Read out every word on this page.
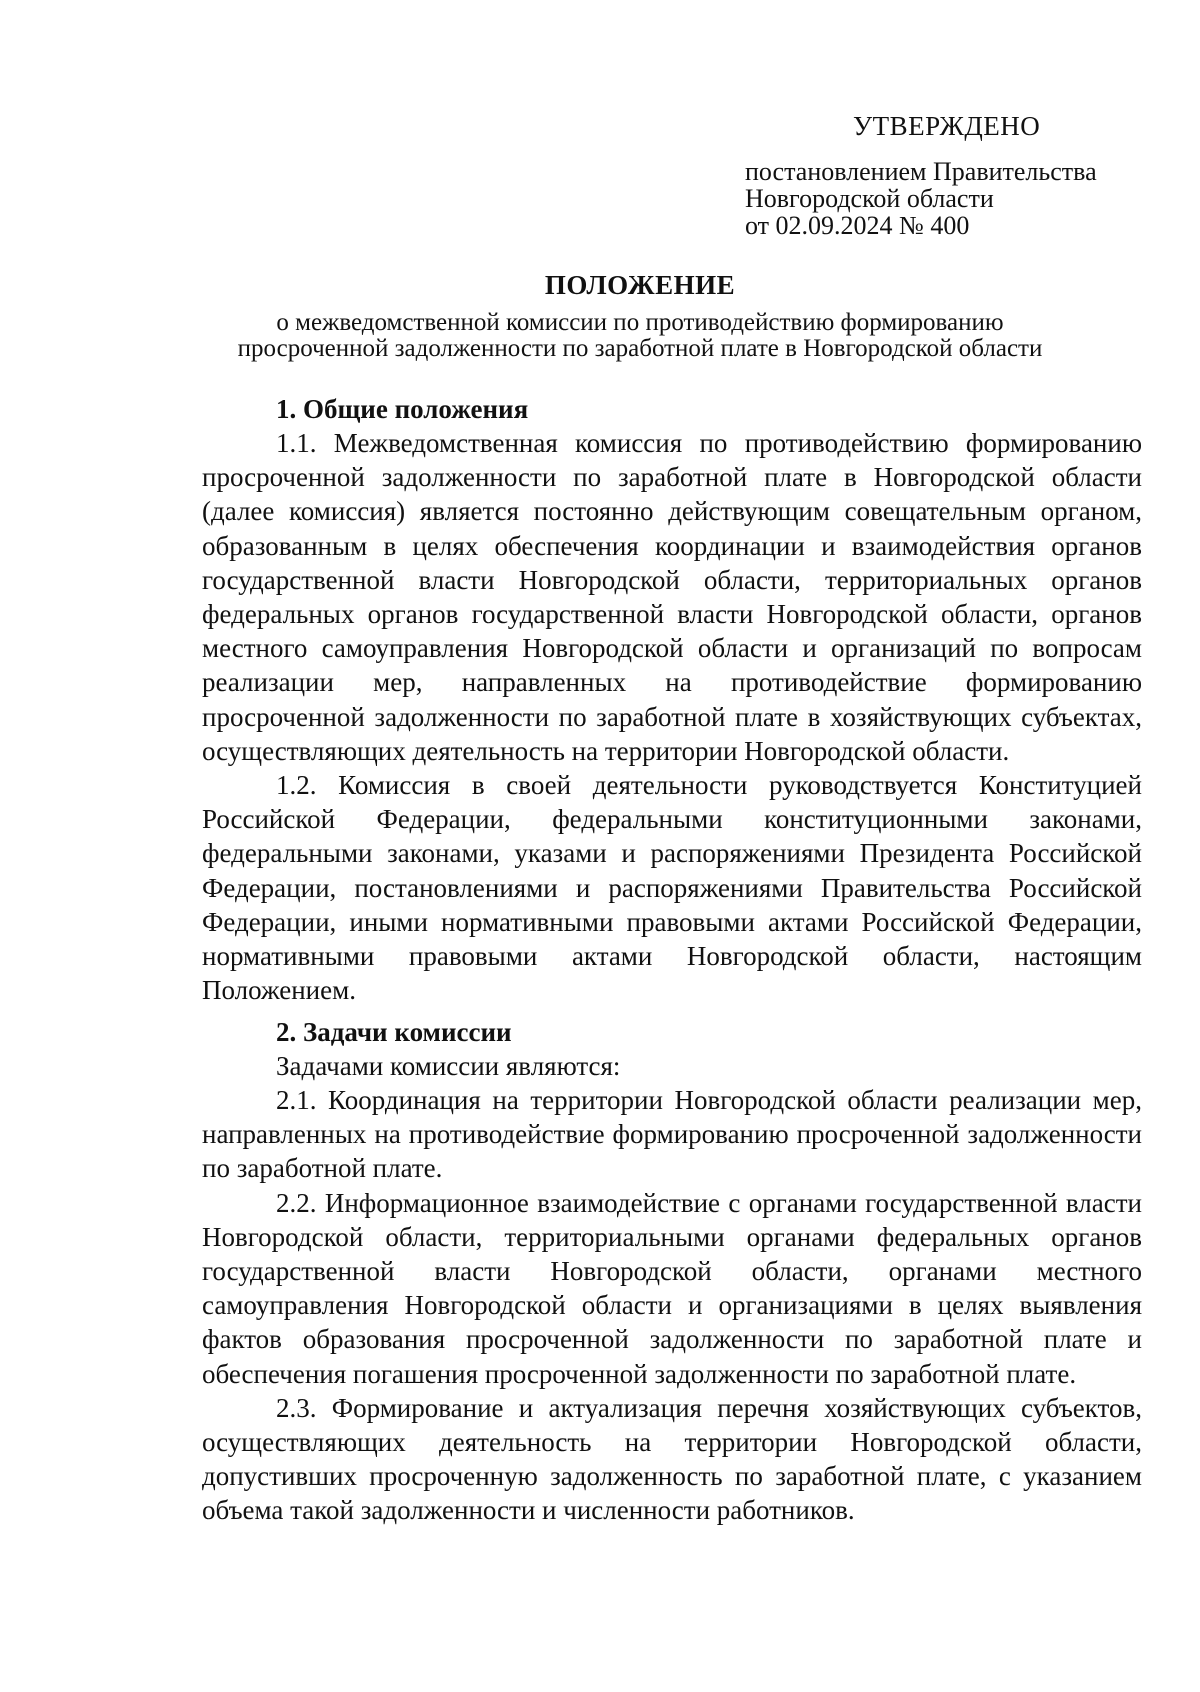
УТВЕРЖДЕНО
постановлением Правительства
Новгородской области
от 02.09.2024 № 400
ПОЛОЖЕНИЕ
о межведомственной комиссии по противодействию формированию
просроченной задолженности по заработной плате в Новгородской области
1. Общие положения

1.1. Межведомственная комиссия по противодействию формированию просроченной задолженности по заработной плате в Новгородской области (далее комиссия) является постоянно действующим совещательным органом, образованным в целях обеспечения координации и взаимодействия органов государственной власти Новгородской области, территориальных органов федеральных органов государственной власти Новгородской области, органов местного самоуправления Новгородской области и организаций по вопросам реализации мер, направленных на противодействие формированию просроченной задолженности по заработной плате в хозяйствующих субъектах, осуществляющих деятельность на территории Новгородской области.

1.2. Комиссия в своей деятельности руководствуется Конституцией Российской Федерации, федеральными конституционными законами, федеральными законами, указами и распоряжениями Президента Российской Федерации, постановлениями и распоряжениями Правительства Российской Федерации, иными нормативными правовыми актами Российской Федерации, нормативными правовыми актами Новгородской области, настоящим Положением.

2. Задачи комиссии
Задачами комиссии являются:

2.1. Координация на территории Новгородской области реализации мер, направленных на противодействие формированию просроченной задолженности по заработной плате.

2.2. Информационное взаимодействие с органами государственной власти Новгородской области, территориальными органами федеральных органов государственной власти Новгородской области, органами местного самоуправления Новгородской области и организациями в целях выявления фактов образования просроченной задолженности по заработной плате и обеспечения погашения просроченной задолженности по заработной плате.

2.3. Формирование и актуализация перечня хозяйствующих субъектов, осуществляющих деятельность на территории Новгородской области, допустивших просроченную задолженность по заработной плате, с указанием объема такой задолженности и численности работников.
